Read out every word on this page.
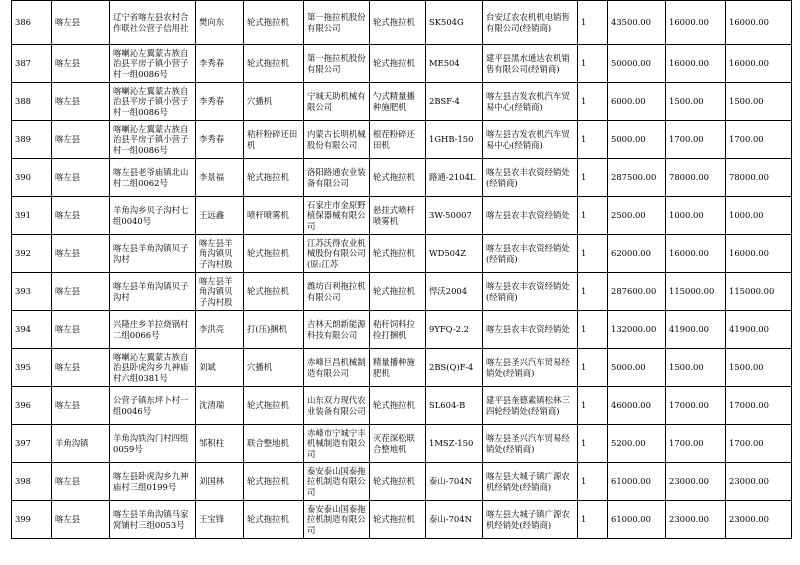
386	喀左县	辽宁省喀左县农村合作联社公营子信用社	樊向东	轮式拖拉机	第一拖拉机股份有限公司	轮式拖拉机	SK504G	台安辽农农机机电销售有限公司(经销商)	1	43500.00	16000.00	16000.00

387	喀左县	喀喇沁左翼蒙古族自治县平房子镇小营子村一组0086号	李秀春	轮式拖拉机	第一拖拉机股份有限公司	轮式拖拉机	ME504	建平县黑水通达农机销售有限公司(经销商)	1	50000.00	16000.00	16000.00

388	喀左县	喀喇沁左翼蒙古族自治县平房子镇小营子村一组0086号	李秀春	穴播机	宁城天助机械有限公司	勺式精量播种施肥机	2BSF-4	喀左县吉发农机汽车贸易中心(经销商)	1	6000.00	1500.00	1500.00

389	喀左县	喀喇沁左翼蒙古族自治县平房子镇小营子村一组0086号	李秀春	秸秆粉碎还田机	内蒙古长明机械股份有限公司	根茬粉碎还田机	1GHB-150	喀左县吉发农机汽车贸易中心(经销商)	1	5000.00	1700.00	1700.00

390	喀左县	喀左县老爷庙镇北山村二组0062号	李景福	轮式拖拉机	洛阳路通农业装备有限公司	轮式拖拉机	路通-2104L	喀左县农丰农资经销处(经销商)	1	287500.00	78000.00	78000.00

391	喀左县	羊角沟乡贝子沟村七组0040号	王远鑫	喷杆喷雾机	石家庄市金原野植保器械有限公司	悬挂式喷杆喷雾机	3W-50007	喀左县农丰农资经销处	1	2500.00	1000.00	1000.00

392	喀左县	喀左县羊角沟镇贝子沟村	喀左县羊角沟镇贝子沟村股	轮式拖拉机	江苏沃得农业机械股份有限公司(原:江苏	轮式拖拉机	WD504Z	喀左县农丰农资经销处(经销商)	1	62000.00	16000.00	16000.00

393	喀左县	喀左县羊角沟镇贝子沟村	喀左县羊角沟镇贝子沟村股	轮式拖拉机	潍坊百利拖拉机有限公司	轮式拖拉机	悍沃2004	喀左县农丰农资经销处(经销商)	1	287600.00	115000.00	115000.00

394	喀左县	兴隆庄乡羊拉烧锅村二组0066号	李洪亮	打(压)捆机	吉林天朗新能源科技有限公司	秸秆饲料拉捡打捆机	9YFQ-2.2	喀左县农丰农资经销处	1	132000.00	41900.00	41900.00

395	喀左县	喀喇沁左翼蒙古族自治县卧虎沟乡九神庙村六组0381号	刘斌	穴播机	赤峰巨昌机械制造有限公司	精量播种施肥机	2BS(Q)F-4	喀左县圣兴汽车贸易经销处(经销商)	1	5000.00	1500.00	1500.00

396	喀左县	公营子镇东坪卜村一组0046号	沈清瑞	轮式拖拉机	山东双力现代农业装备有限公司	轮式拖拉机	SL604-B	建平县奎德素镇松林三四轮经销处(经销商)	1	46000.00	17000.00	17000.00

397	羊角沟镇	羊角沟铁沟门村四组0059号	邹积柱	联合整地机	赤峰市宁城宁丰机械制造有限公司	灭茬深松联合整地机	1MSZ-150	喀左县圣兴汽车贸易经销处(经销商)	1	5200.00	1700.00	1700.00

398	喀左县	喀左县卧虎沟乡九神庙村三组0199号	刘国林	轮式拖拉机	泰安泰山国泰拖拉机制造有限公司	轮式拖拉机	泰山-704N	喀左县大城子镇广源农机经销处(经销商)	1	61000.00	23000.00	23000.00

399	喀左县	喀左县羊角沟镇马家窝铺村三组0053号	王宝锋	轮式拖拉机	泰安泰山国泰拖拉机制造有限公司	轮式拖拉机	泰山-704N	喀左县大城子镇广源农机经销处(经销商)	1	61000.00	23000.00	23000.00
